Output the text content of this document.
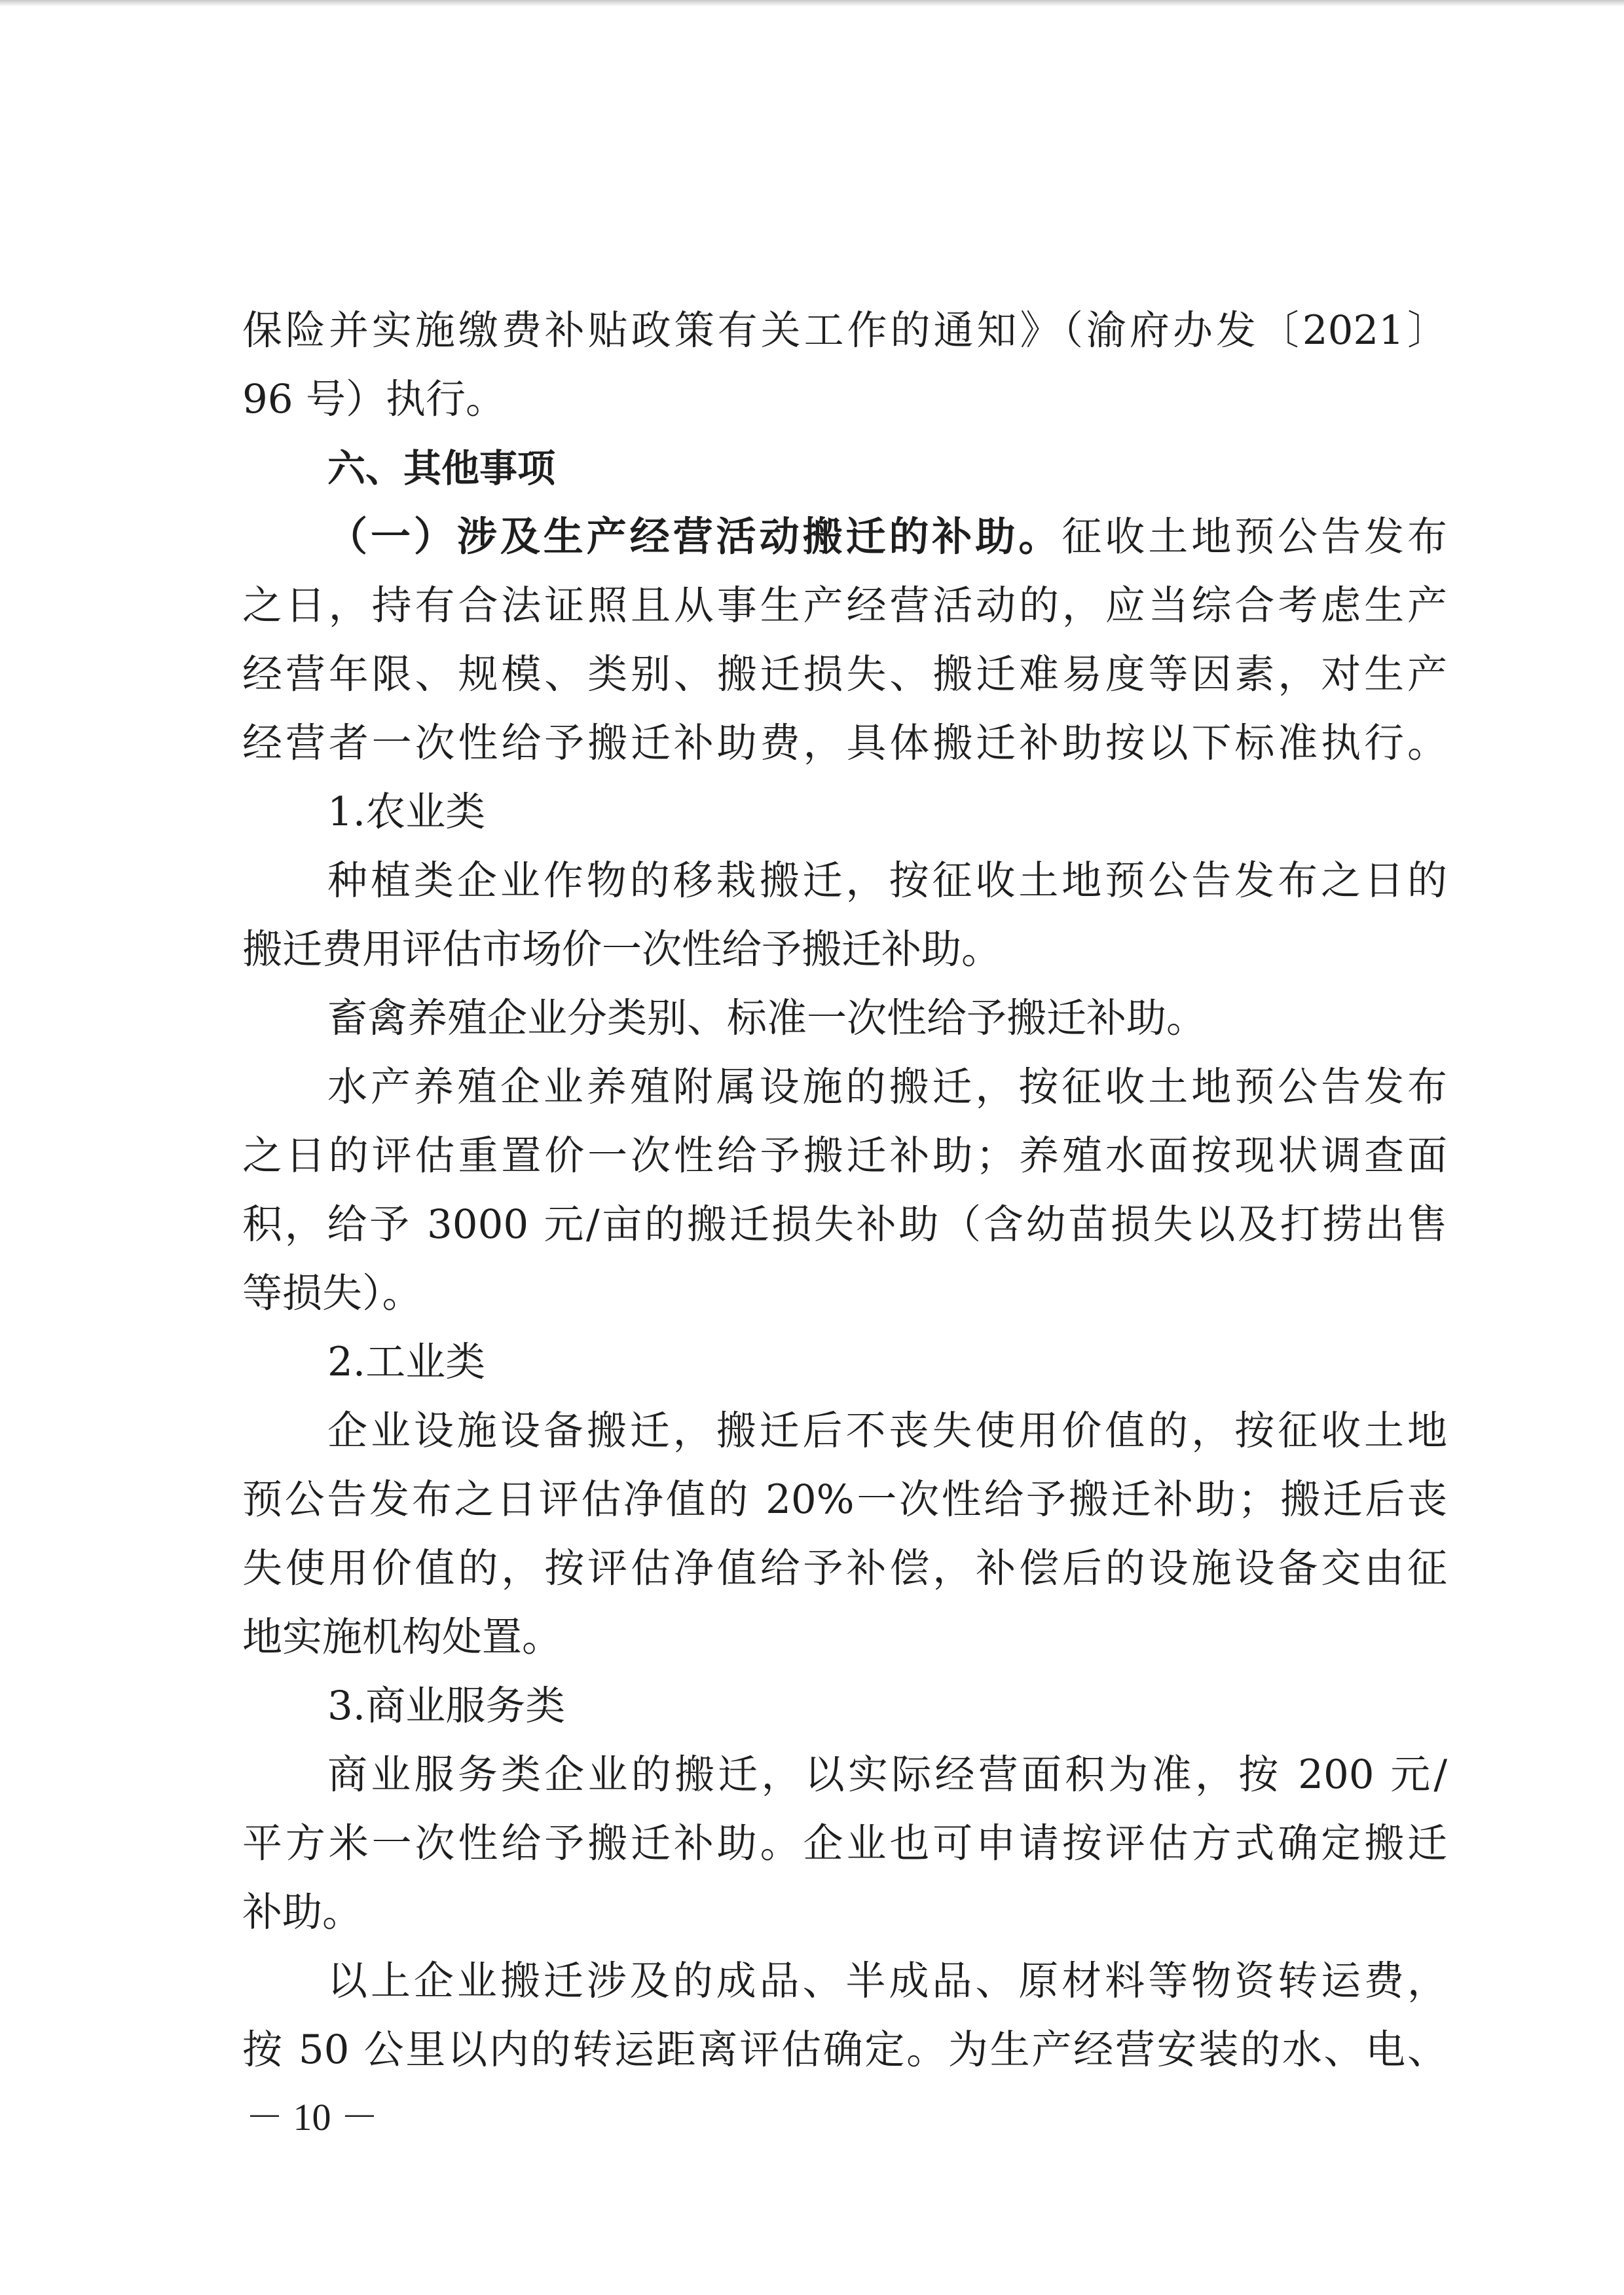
保险并实施缴费补贴政策有关工作的通知》（渝府办发〔2021〕
96 号）执行。
六、其他事项
（一）涉及生产经营活动搬迁的补助。征收土地预公告发布
之日，持有合法证照且从事生产经营活动的，应当综合考虑生产
经营年限、规模、类别、搬迁损失、搬迁难易度等因素，对生产
经营者一次性给予搬迁补助费，具体搬迁补助按以下标准执行。
1.农业类
种植类企业作物的移栽搬迁，按征收土地预公告发布之日的
搬迁费用评估市场价一次性给予搬迁补助。
畜禽养殖企业分类别、标准一次性给予搬迁补助。
水产养殖企业养殖附属设施的搬迁，按征收土地预公告发布
之日的评估重置价一次性给予搬迁补助；养殖水面按现状调查面
积，给予 3000 元/亩的搬迁损失补助（含幼苗损失以及打捞出售
等损失）。
2.工业类
企业设施设备搬迁，搬迁后不丧失使用价值的，按征收土地
预公告发布之日评估净值的 20%一次性给予搬迁补助；搬迁后丧
失使用价值的，按评估净值给予补偿，补偿后的设施设备交由征
地实施机构处置。
3.商业服务类
商业服务类企业的搬迁，以实际经营面积为准，按 200 元/
平方米一次性给予搬迁补助。企业也可申请按评估方式确定搬迁
补助。
以上企业搬迁涉及的成品、半成品、原材料等物资转运费，
按 50 公里以内的转运距离评估确定。为生产经营安装的水、电、
－ 10 －
